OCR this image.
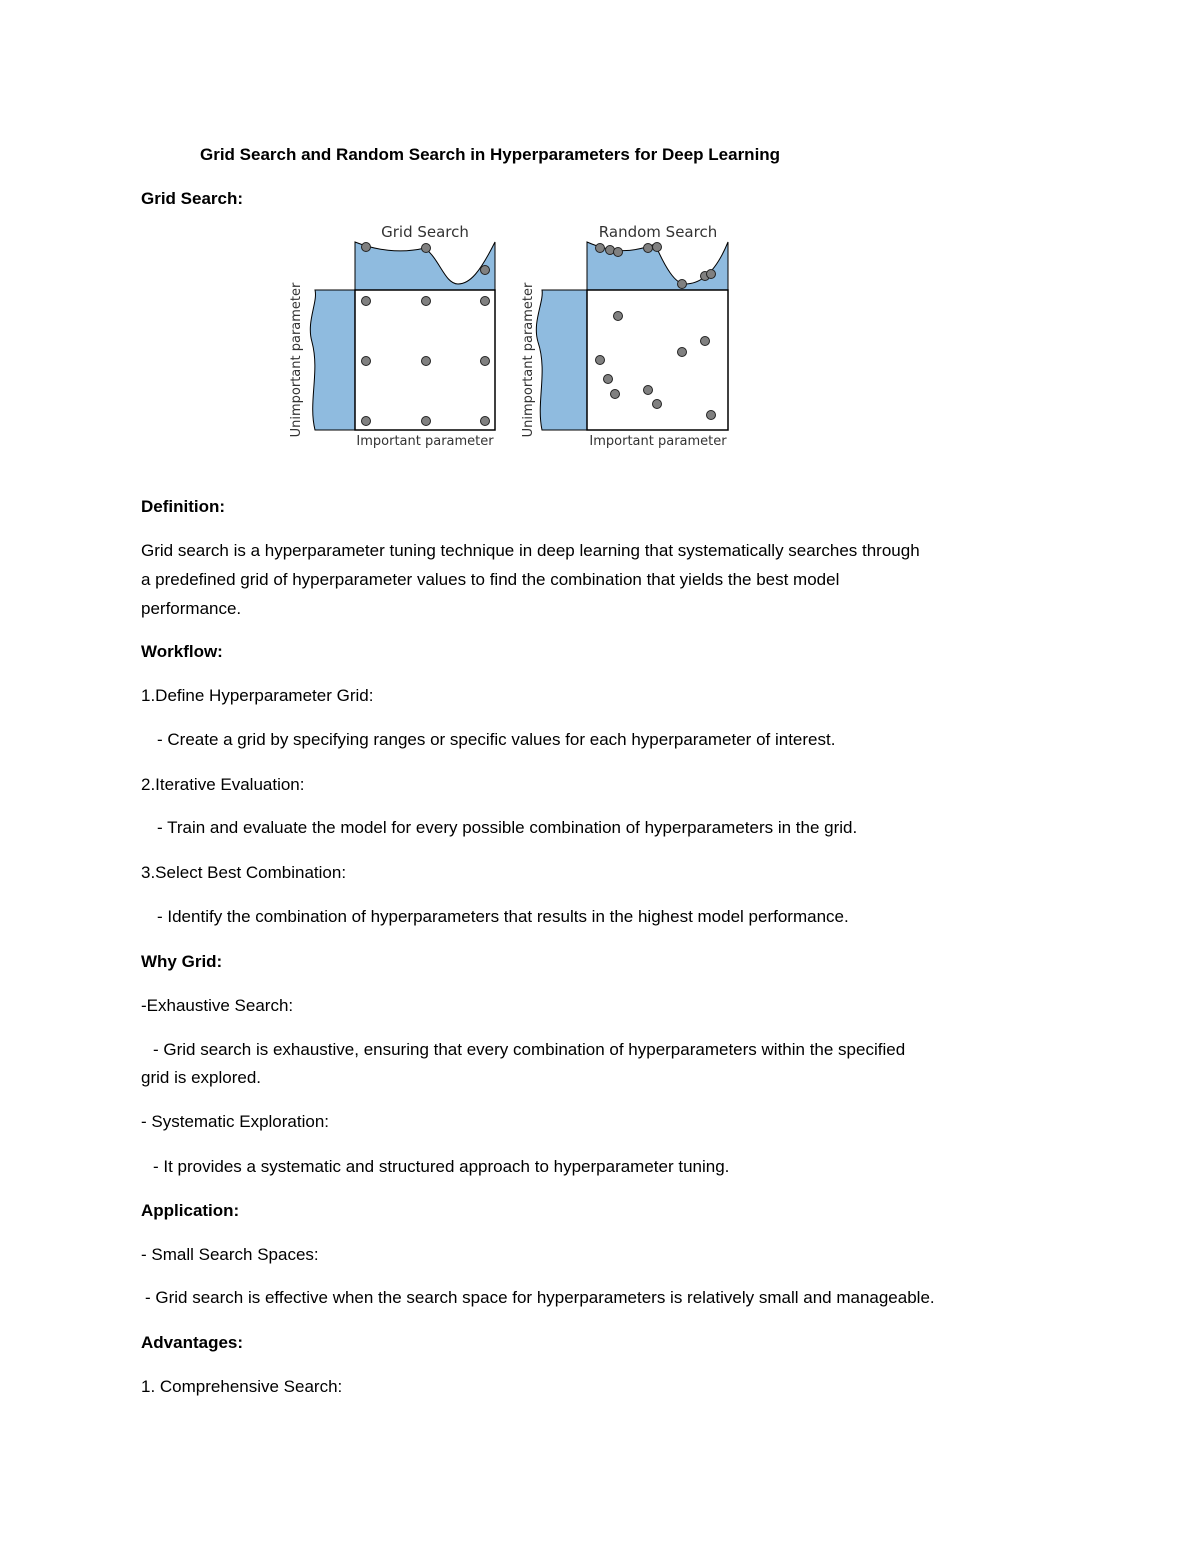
Grid Search and Random Search in Hyperparameters for Deep Learning

Grid Search:

Grid Search
Important parameter
Unimportant parameter
Random Search
Important parameter
Unimportant parameter

Definition:

Grid search is a hyperparameter tuning technique in deep learning that systematically searches through

a predefined grid of hyperparameter values to find the combination that yields the best model

performance.

Workflow:

1.Define Hyperparameter Grid:

- Create a grid by specifying ranges or specific values for each hyperparameter of interest.

2.Iterative Evaluation:

- Train and evaluate the model for every possible combination of hyperparameters in the grid.

3.Select Best Combination:

- Identify the combination of hyperparameters that results in the highest model performance.

Why Grid:

-Exhaustive Search:

- Grid search is exhaustive, ensuring that every combination of hyperparameters within the specified

grid is explored.

- Systematic Exploration:

- It provides a systematic and structured approach to hyperparameter tuning.

Application:

- Small Search Spaces:

- Grid search is effective when the search space for hyperparameters is relatively small and manageable.

Advantages:

1. Comprehensive Search:
